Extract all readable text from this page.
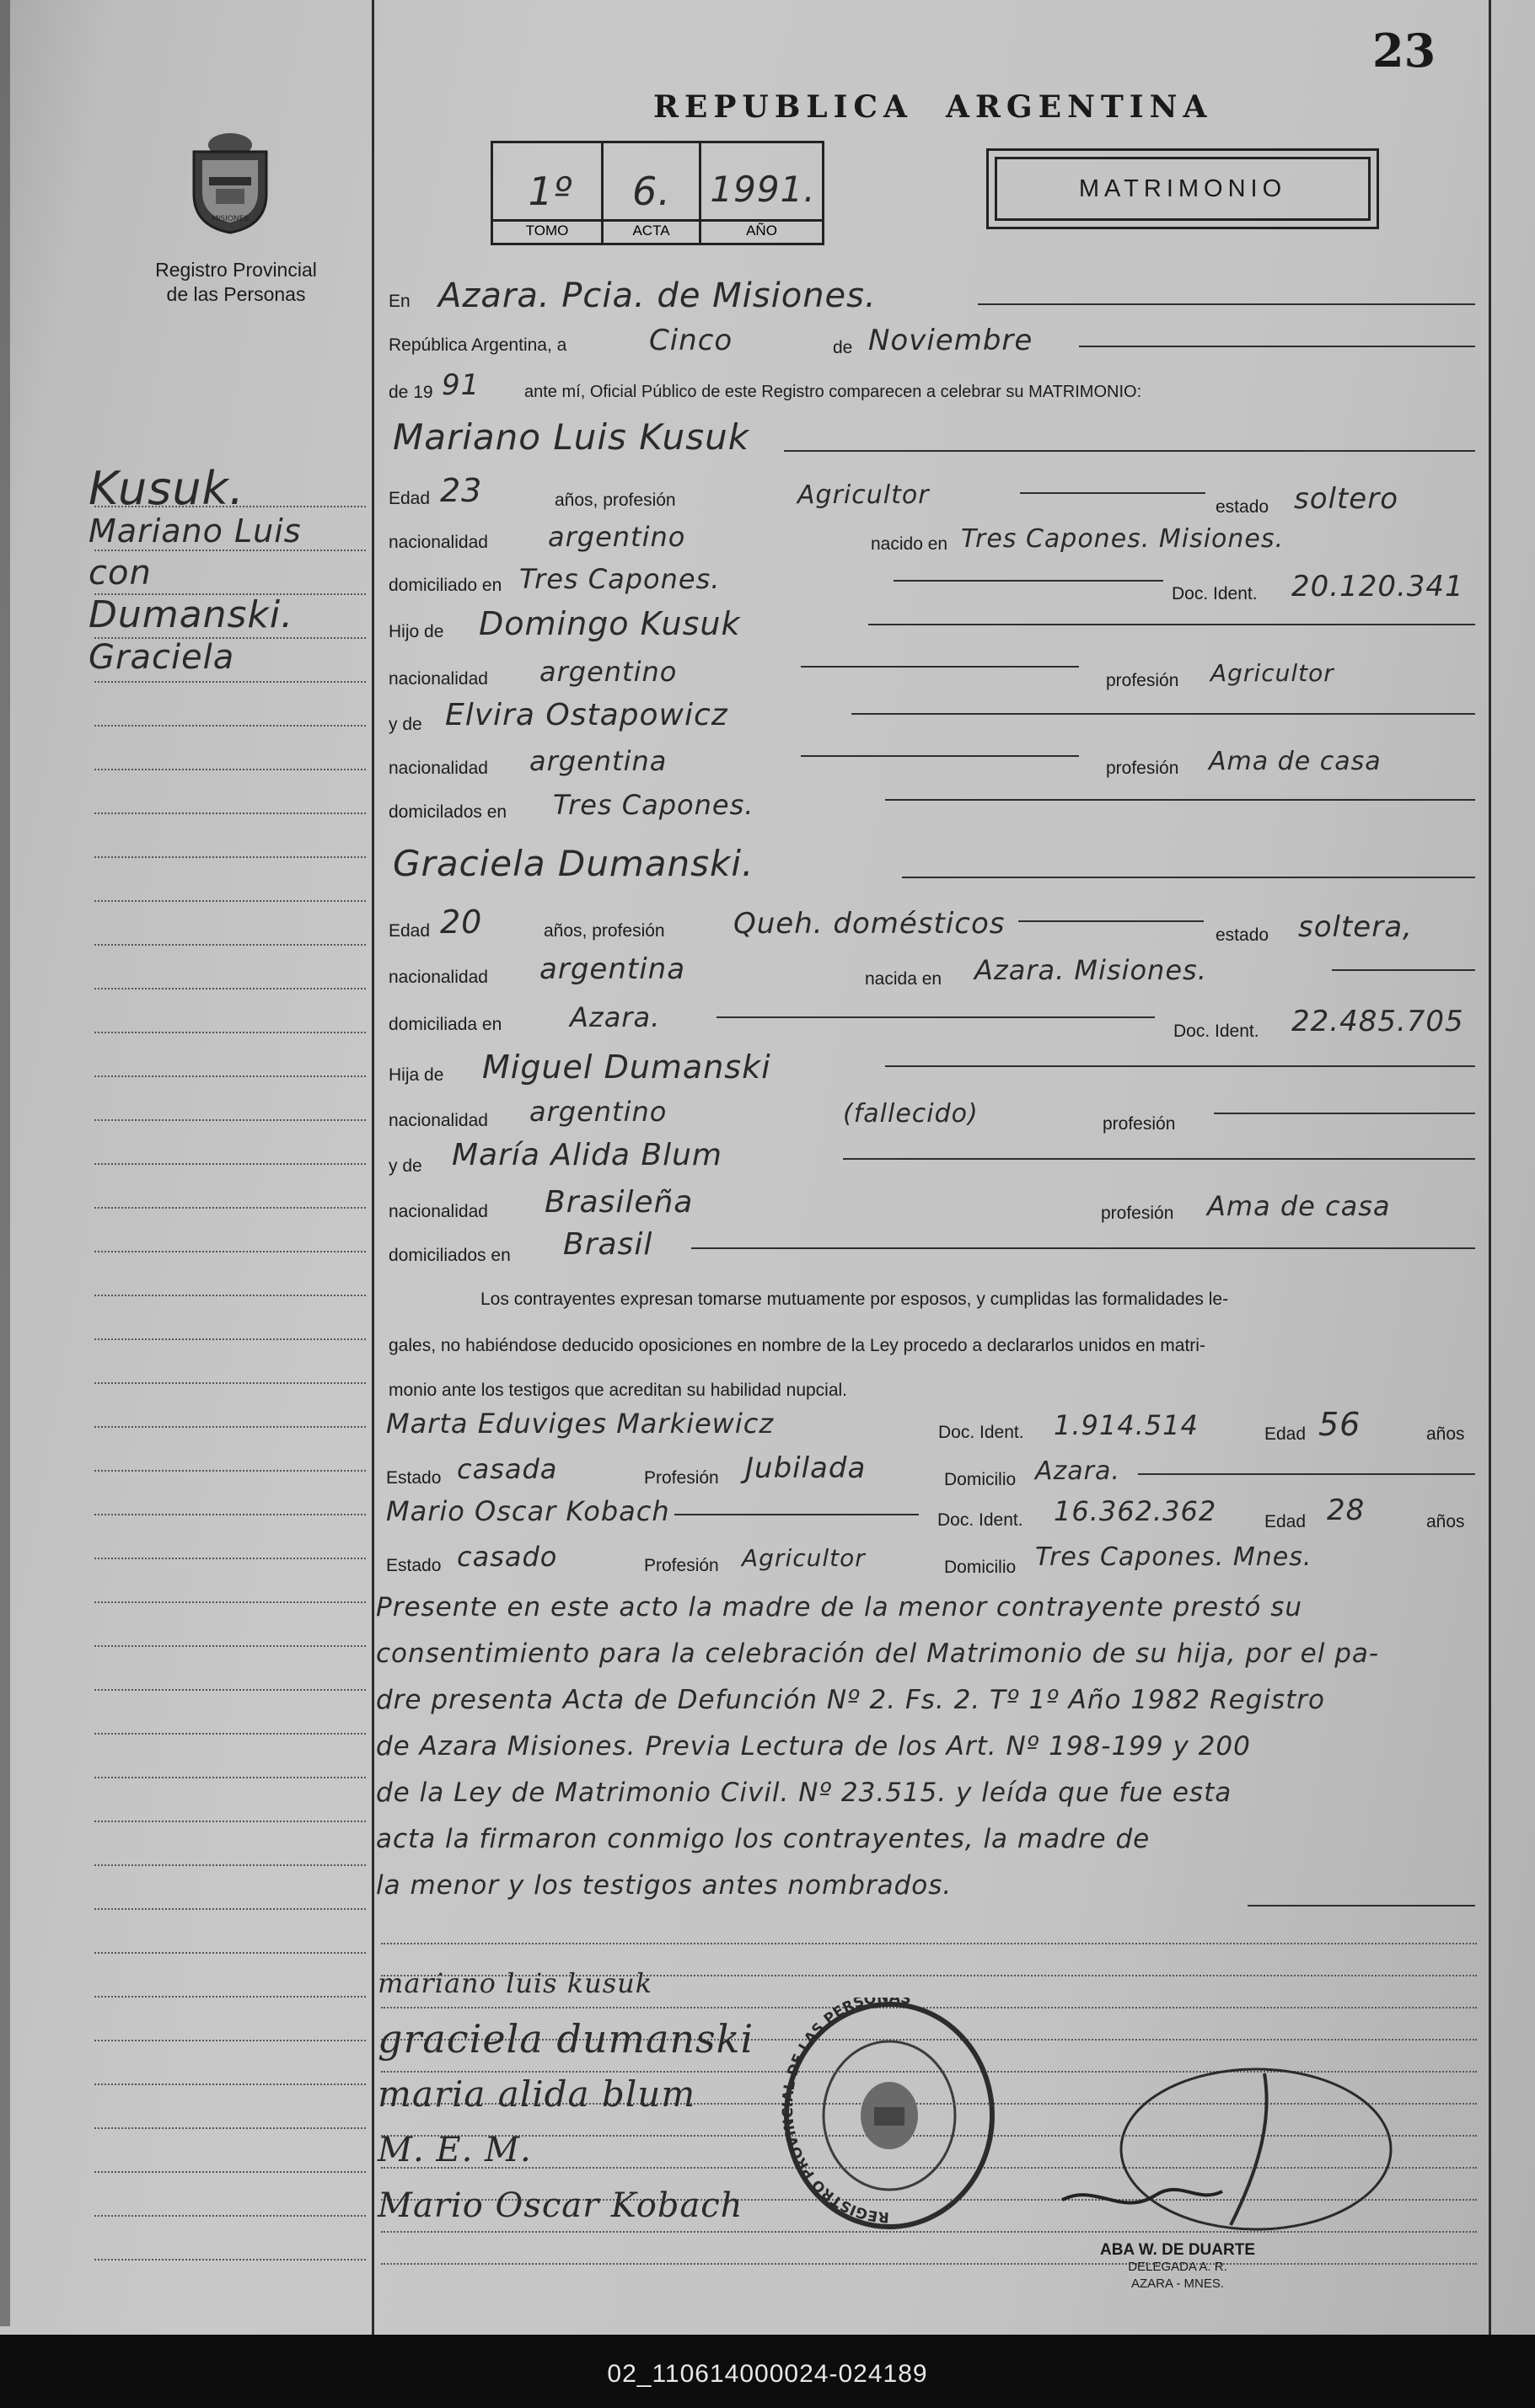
23
REPUBLICA  ARGENTINA
MISIONES
Registro Provincial
de las Personas
1º	6.	1991.
TOMO	ACTA	AÑO
MATRIMONIO
Kusuk.
Mariano Luis
con
Dumanski.
Graciela
En Azara. Pcia. de Misiones.
República Argentina, a	Cinco	de Noviembre
de 19 91	ante mí, Oficial Público de este Registro comparecen a celebrar su MATRIMONIO:
Mariano Luis Kusuk
Edad 23	años, profesión	Agricultor	estado soltero
nacionalidad argentino	nacido en Tres Capones. Misiones.
domiciliado en Tres Capones.	Doc. Ident. 20.120.341
Hijo de Domingo Kusuk
nacionalidad argentino	profesión Agricultor
y de Elvira Ostapowicz
nacionalidad argentina	profesión Ama de casa
domicilados en Tres Capones.
Graciela Dumanski.
Edad 20	años, profesión Queh. domésticos	estado soltera,
nacionalidad argentina	nacida en Azara. Misiones.
domiciliada en	Azara.	Doc. Ident. 22.485.705
Hija de Miguel Dumanski
nacionalidad argentino	(fallecido)	profesión
y de María Alida Blum
nacionalidad Brasileña	profesión Ama de casa
domiciliados en Brasil
Los contrayentes expresan tomarse mutuamente por esposos, y cumplidas las formalidades le-
gales, no habiéndose deducido oposiciones en nombre de la Ley procedo a declararlos unidos en matri-
monio ante los testigos que acreditan su habilidad nupcial.
Marta Eduviges Markiewicz	Doc. Ident. 1.914.514	Edad 56	años
Estado casada	Profesión Jubilada	Domicilio Azara.
Mario Oscar Kobach	Doc. Ident. 16.362.362	Edad 28	años
Estado casado	Profesión Agricultor	Domicilio Tres Capones. Mnes.
Presente en este acto la madre de la menor contrayente prestó su
consentimiento para la celebración del Matrimonio de su hija, por el pa-
dre presenta Acta de Defunción Nº 2. Fs. 2. Tº 1º Año 1982 Registro
de Azara Misiones. Previa Lectura de los Art. Nº 198-199 y 200
de la Ley de Matrimonio Civil. Nº 23.515. y leída que fue esta
acta la firmaron conmigo los contrayentes, la madre de
la menor y los testigos antes nombrados.
mariano luis kusuk
graciela dumanski
maria alida blum
M. E. M.
Mario Oscar Kobach	REGISTRO PROVINCIAL DE LAS PERSONAS
ABA W. DE DUARTE
DELEGADA A. R.
AZARA - MNES.
02_110614000024-024189
